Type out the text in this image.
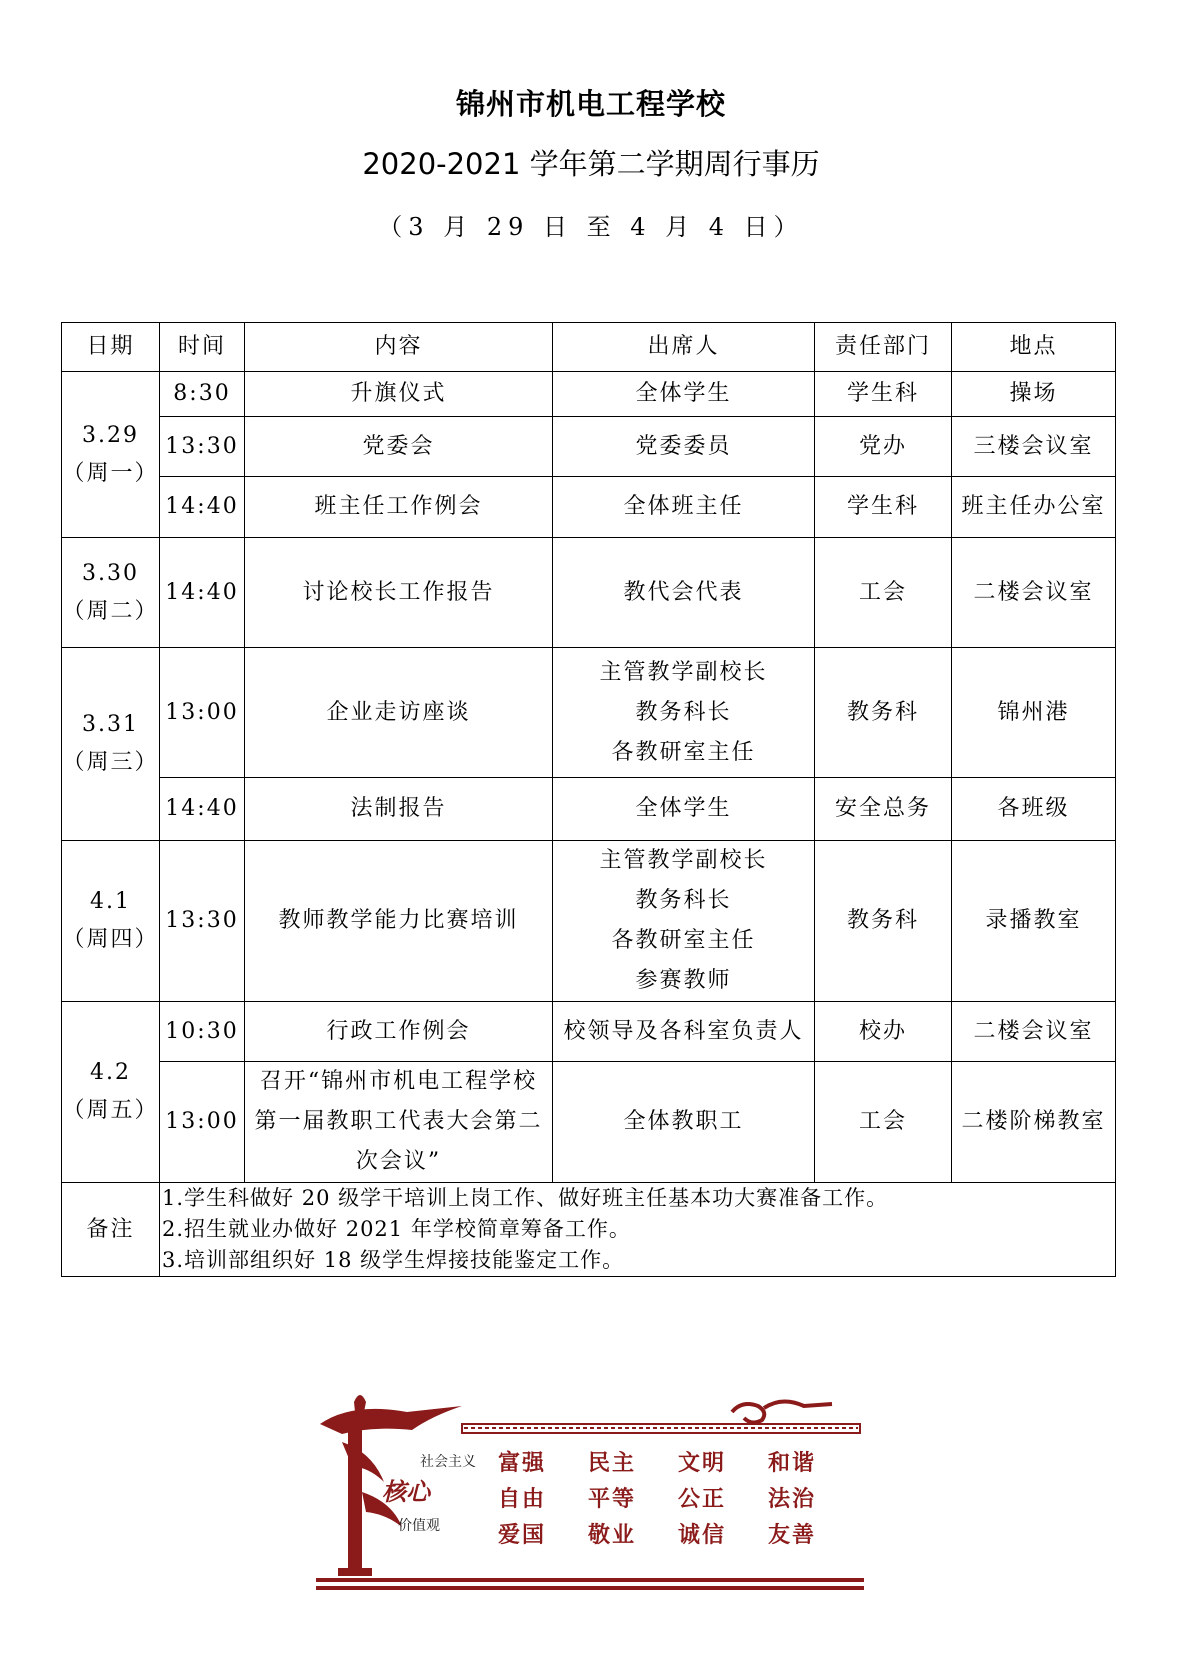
锦州市机电工程学校
2020-2021 学年第二学期周行事历
（3 月 29 日 至 4 月 4 日）
日期	时间	内容	出席人	责任部门	地点

3.29
（周一）	8:30	升旗仪式	全体学生	学生科	操场
	13:30	党委会	党委委员	党办	三楼会议室
	14:40	班主任工作例会	全体班主任	学生科	班主任办公室

3.30
（周二）	14:40	讨论校长工作报告	教代会代表	工会	二楼会议室

3.31
（周三）	13:00	企业走访座谈	主管教学副校长
教务科长
各教研室主任	教务科	锦州港
	14:40	法制报告	全体学生	安全总务	各班级

4.1
（周四）	13:30	教师教学能力比赛培训	主管教学副校长
教务科长
各教研室主任
参赛教师	教务科	录播教室

4.2
（周五）	10:30	行政工作例会	校领导及各科室负责人	校办	二楼会议室
	13:00	召开“锦州市机电工程学校
第一届教职工代表大会第二
次会议”	全体教职工	工会	二楼阶梯教室
备注	1.学生科做好 20 级学干培训上岗工作、做好班主任基本功大赛准备工作。
2.招生就业办做好 2021 年学校简章筹备工作。
3.培训部组织好 18 级学生焊接技能鉴定工作。				
社会主义
核心
价值观
富强 民主 文明 和谐
自由 平等 公正 法治
爱国 敬业 诚信 友善
